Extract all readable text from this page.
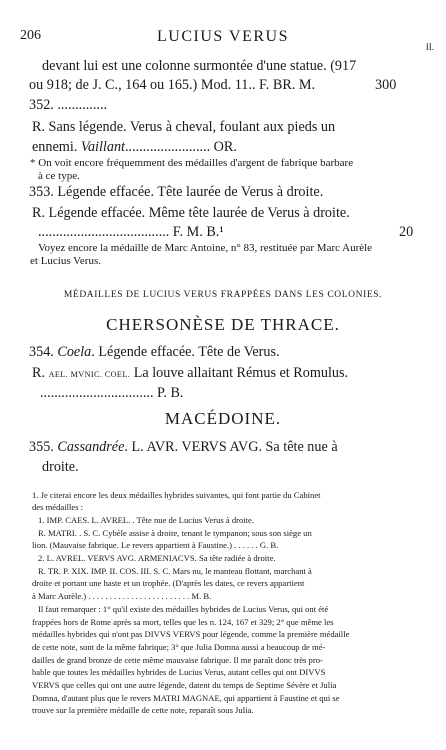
206	LUCIUS VERUS
II.
devant lui est une colonne surmontée d'une statue. (917
ou 918; de J. C., 164 ou 165.) Mod. 11.. F. BR. M.	300
352. ..............
R. Sans légende. Verus à cheval, foulant aux pieds un
ennemi. Vaillant........................ OR.
* On voit encore fréquemment des médailles d'argent de fabrique barbare
à ce type.
353. Légende effacée. Tête laurée de Verus à droite.
R. Légende effacée. Même tête laurée de Verus à droite.
..................................... F. M. B.¹	20
Voyez encore la médaille de Marc Antoine, n° 83, restituée par Marc Aurèle
et Lucius Verus.
MÉDAILLES DE LUCIUS VERUS FRAPPÉES DANS LES COLONIES.
CHERSONÈSE DE THRACE.
354. Coela. Légende effacée. Tête de Verus.
R. AEL. MVNIC. COEL. La louve allaitant Rémus et Romulus.
................................ P. B.
MACÉDOINE.
355. Cassandrée. L. AVR. VERVS AVG. Sa tête nue à
droite.
1. Je citerai encore les deux médailles hybrides suivantes, qui font partie du Cabinet
des médailles :
1. IMP. CAES. L. AVREL. . Tête nue de Lucius Verus à droite.
R. MATRI. . S. C. Cybèle assise à droite, tenant le tympanon; sous son siège un
lion. (Mauvaise fabrique. Le revers appartient à Faustine.) . . . . . . G. B.
2. L. AVREL. VERVS AVG. ARMENIACVS. Sa tête radiée à droite.
R. TR. P. XIX. IMP. II. COS. III. S. C. Mars nu, le manteau flottant, marchant à
droite et portant une haste et un trophée. (D'après les dates, ce revers appartient
à Marc Aurèle.) . . . . . . . . . . . . . . . . . . . . . . . . M. B.
Il faut remarquer : 1° qu'il existe des médailles hybrides de Lucius Verus, qui ont été
frappées hors de Rome après sa mort, telles que les n. 124, 167 et 329; 2° que même les
médailles hybrides qui n'ont pas DIVVS VERVS pour légende, comme la première médaille
de cette note, sont de la même fabrique; 3° que Julia Domna aussi a beaucoup de mé-
dailles de grand bronze de cette même mauvaise fabrique. Il me paraît donc très pro-
bable que toutes les médailles hybrides de Lucius Verus, autant celles qui ont DIVVS
VERVS que celles qui ont une autre légende, datent du temps de Septime Sévère et Julia
Domna, d'autant plus que le revers MATRI MAGNAE, qui appartient à Faustine et qui se
trouve sur la première médaille de cette note, reparaît sous Julia.
